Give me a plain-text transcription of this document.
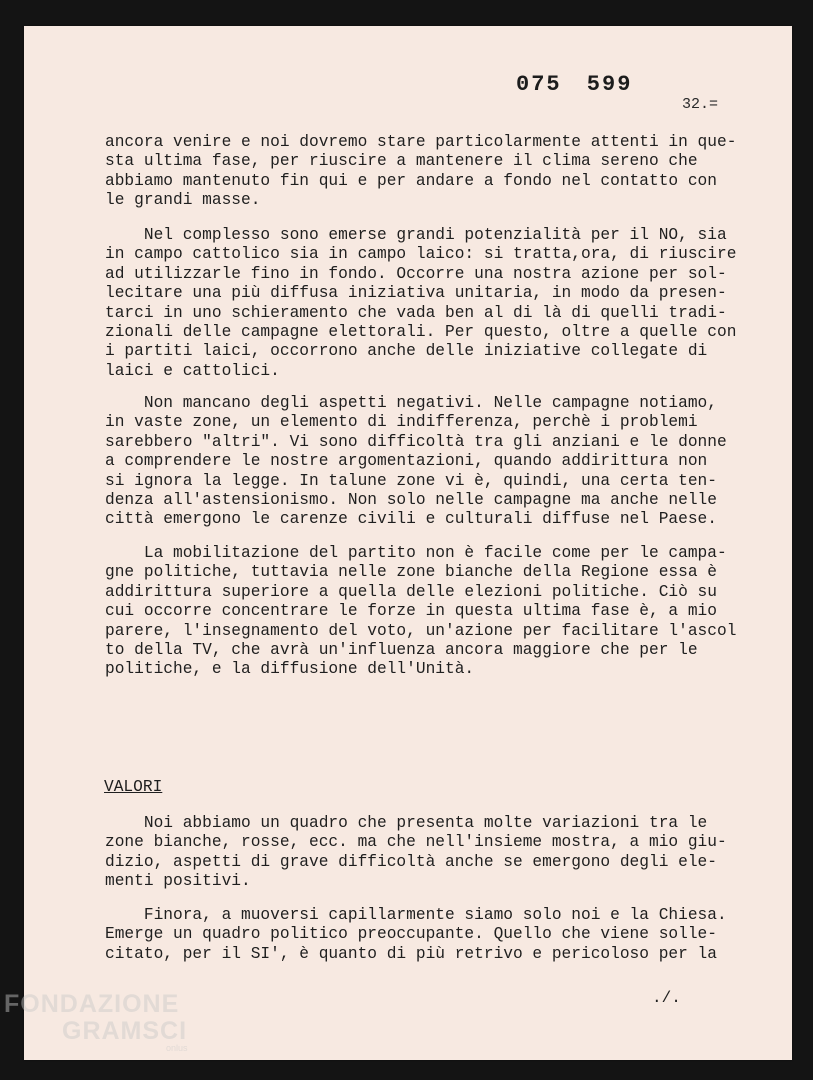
075 599
32.=

ancora venire e noi dovremo stare particolarmente attenti in que-
sta ultima fase, per riuscire a mantenere il clima sereno che
abbiamo mantenuto fin qui e per andare a fondo nel contatto con
le grandi masse.

Nel complesso sono emerse grandi potenzialità per il NO, sia
in campo cattolico sia in campo laico: si tratta,ora, di riuscire
ad utilizzarle fino in fondo. Occorre una nostra azione per sol-
lecitare una più diffusa iniziativa unitaria, in modo da presen-
tarci in uno schieramento che vada ben al di là di quelli tradi-
zionali delle campagne elettorali. Per questo, oltre a quelle con
i partiti laici, occorrono anche delle iniziative collegate di
laici e cattolici.

Non mancano degli aspetti negativi. Nelle campagne notiamo,
in vaste zone, un elemento di indifferenza, perchè i problemi
sarebbero "altri". Vi sono difficoltà tra gli anziani e le donne
a comprendere le nostre argomentazioni, quando addirittura non
si ignora la legge. In talune zone vi è, quindi, una certa ten-
denza all'astensionismo. Non solo nelle campagne ma anche nelle
città emergono le carenze civili e culturali diffuse nel Paese.

La mobilitazione del partito non è facile come per le campa-
gne politiche, tuttavia nelle zone bianche della Regione essa è
addirittura superiore a quella delle elezioni politiche. Ciò su
cui occorre concentrare le forze in questa ultima fase è, a mio
parere, l'insegnamento del voto, un'azione per facilitare l'ascol
to della TV, che avrà un'influenza ancora maggiore che per le
politiche, e la diffusione dell'Unità.

VALORI

Noi abbiamo un quadro che presenta molte variazioni tra le
zone bianche, rosse, ecc. ma che nell'insieme mostra, a mio giu-
dizio, aspetti di grave difficoltà anche se emergono degli ele-
menti positivi.

Finora, a muoversi capillarmente siamo solo noi e la Chiesa.
Emerge un quadro politico preoccupante. Quello che viene solle-
citato, per il SI', è quanto di più retrivo e pericoloso per la

./.
FONDAZIONE
GRAMSCI
onlus
